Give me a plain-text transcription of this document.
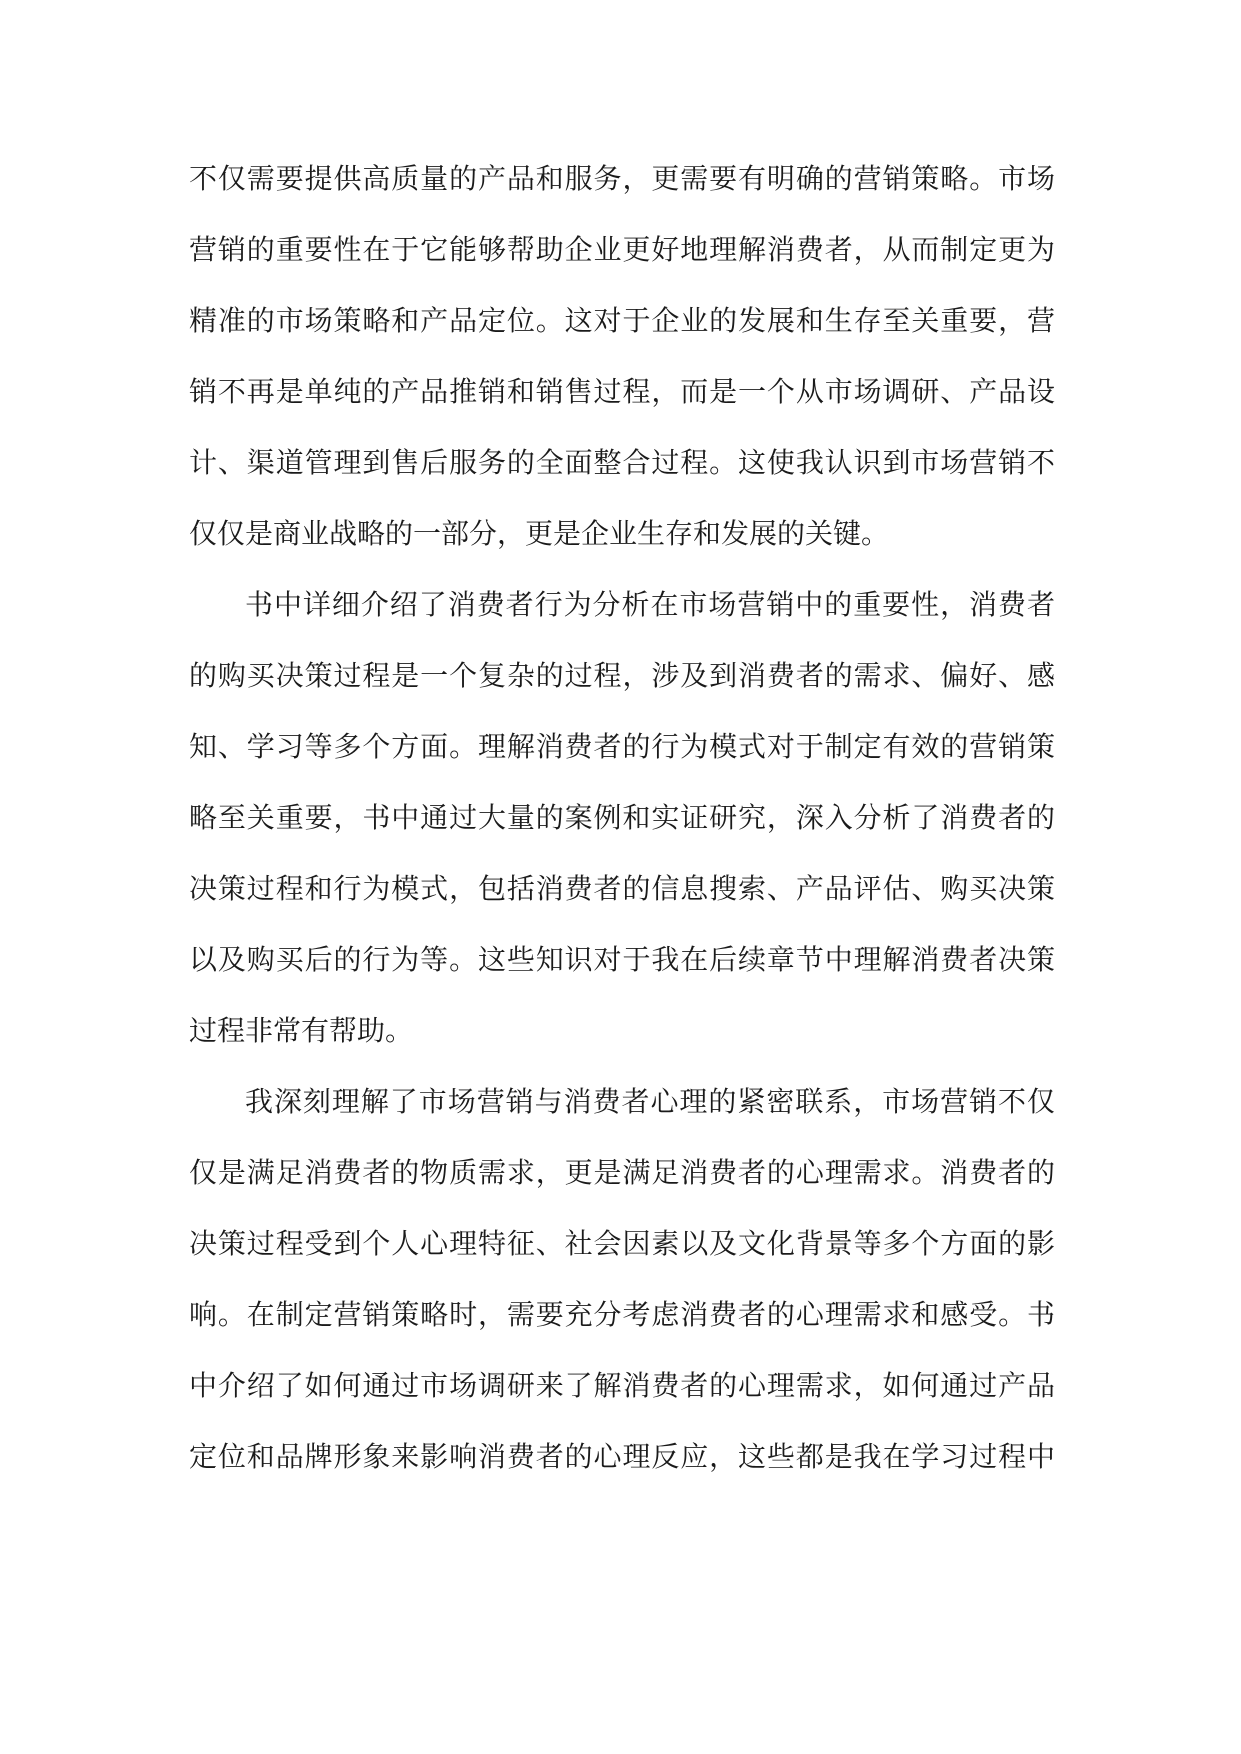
不仅需要提供高质量的产品和服务，更需要有明确的营销策略。市场
营销的重要性在于它能够帮助企业更好地理解消费者，从而制定更为
精准的市场策略和产品定位。这对于企业的发展和生存至关重要，营
销不再是单纯的产品推销和销售过程，而是一个从市场调研、产品设
计、渠道管理到售后服务的全面整合过程。这使我认识到市场营销不
仅仅是商业战略的一部分，更是企业生存和发展的关键。
书中详细介绍了消费者行为分析在市场营销中的重要性，消费者
的购买决策过程是一个复杂的过程，涉及到消费者的需求、偏好、感
知、学习等多个方面。理解消费者的行为模式对于制定有效的营销策
略至关重要，书中通过大量的案例和实证研究，深入分析了消费者的
决策过程和行为模式，包括消费者的信息搜索、产品评估、购买决策
以及购买后的行为等。这些知识对于我在后续章节中理解消费者决策
过程非常有帮助。
我深刻理解了市场营销与消费者心理的紧密联系，市场营销不仅
仅是满足消费者的物质需求，更是满足消费者的心理需求。消费者的
决策过程受到个人心理特征、社会因素以及文化背景等多个方面的影
响。在制定营销策略时，需要充分考虑消费者的心理需求和感受。书
中介绍了如何通过市场调研来了解消费者的心理需求，如何通过产品
定位和品牌形象来影响消费者的心理反应，这些都是我在学习过程中
